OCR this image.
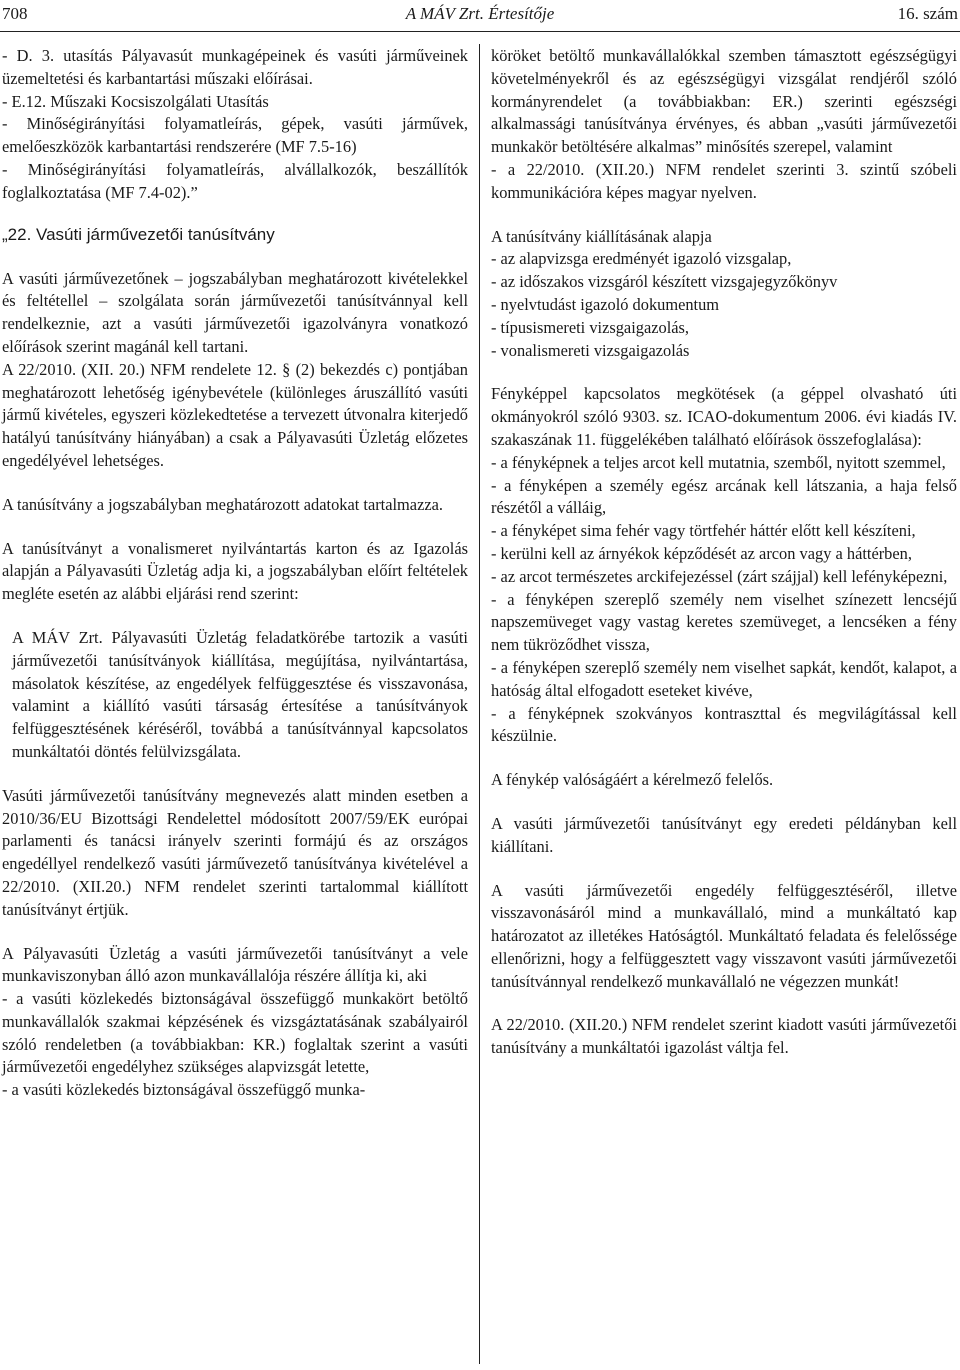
708	A MÁV Zrt. Értesítője	16. szám

- D. 3. utasítás Pályavasút munkagépeinek és vasúti járműveinek üzemeltetési és karbantartási műszaki előírásai.

- E.12. Műszaki Kocsiszolgálati Utasítás

- Minőségirányítási folyamatleírás, gépek, vasúti járművek, emelőeszközök karbantartási rendszerére (MF 7.5-16)

- Minőségirányítási folyamatleírás, alvállalkozók, beszállítók foglalkoztatása (MF 7.4-02).”

„22. Vasúti járművezetői tanúsítvány

A vasúti járművezetőnek – jogszabályban meghatározott kivételekkel és feltétellel – szolgálata során járművezetői tanúsítvánnyal kell rendelkeznie, azt a vasúti járművezetői igazolványra vonatkozó előírások szerint magánál kell tartani.

A 22/2010. (XII. 20.) NFM rendelete 12. § (2) bekezdés c) pontjában meghatározott lehetőség igénybevétele (különleges áruszállító vasúti jármű kivételes, egyszeri közlekedtetése a tervezett útvonalra kiterjedő hatályú tanúsítvány hiányában) a csak a Pályavasúti Üzletág előzetes engedélyével lehetséges.

A tanúsítvány a jogszabályban meghatározott adatokat tartalmazza.

A tanúsítványt a vonalismeret nyilvántartás karton és az Igazolás alapján a Pályavasúti Üzletág adja ki, a jogszabályban előírt feltételek megléte esetén az alábbi eljárási rend szerint:

A MÁV Zrt. Pályavasúti Üzletág feladatkörébe tartozik a vasúti járművezetői tanúsítványok kiállítása, megújítása, nyilvántartása, másolatok készítése, az engedélyek felfüggesztése és visszavonása, valamint a kiállító vasúti társaság értesítése a tanúsítványok felfüggesztésének kéréséről, továbbá a tanúsítvánnyal kapcsolatos munkáltatói döntés felülvizsgálata.

Vasúti járművezetői tanúsítvány megnevezés alatt minden esetben a 2010/36/EU Bizottsági Rendelettel módosított 2007/59/EK európai parlamenti és tanácsi irányelv szerinti formájú és az országos engedéllyel rendelkező vasúti járművezető tanúsítványa kivételével a 22/2010. (XII.20.) NFM rendelet szerinti tartalommal kiállított tanúsítványt értjük.

A Pályavasúti Üzletág a vasúti járművezetői tanúsítványt a vele munkaviszonyban álló azon munkavállаlója részére állítja ki, aki

- a vasúti közlekedés biztonságával összefüggő munkakört betöltő munkavállalók szakmai képzésének és vizsgáztatásának szabályairól szóló rendeletben (a továbbiakban: KR.) foglaltak szerint a vasúti járművezetői engedélyhez szükséges alapvizsgát letette,

- a vasúti közlekedés biztonságával összefüggő munka-

köröket betöltő munkavállalókkal szemben támasztott egészségügyi követelményekről és az egészségügyi vizsgálat rendjéről szóló kormányrendelet (a továbbiakban: ER.) szerinti egészségi alkalmassági tanúsítványa érvényes, és abban „vasúti járművezetői munkakör betöltésére alkalmas” minősítés szerepel, valamint

- a 22/2010. (XII.20.) NFM rendelet szerinti 3. szintű szóbeli kommunikációra képes magyar nyelven.

A tanúsítvány kiállításának alapja

- az alapvizsga eredményét igazoló vizsgalap,

- az időszakos vizsgáról készített vizsgajegyzőkönyv

- nyelvtudást igazoló dokumentum

- típusismereti vizsgaigazolás,

- vonalismereti vizsgaigazolás

Fényképpel kapcsolatos megkötések (a géppel olvasható úti okmányokról szóló 9303. sz. ICAO-dokumentum 2006. évi kiadás IV. szakaszának 11. függelékében található előírások összefoglalása):

- a fényképnek a teljes arcot kell mutatnia, szemből, nyitott szemmel,

- a fényképen a személy egész arcának kell látszania, a haja felső részétől a válláig,

- a fényképet sima fehér vagy törtfehér háttér előtt kell készíteni,

- kerülni kell az árnyékok képződését az arcon vagy a háttérben,

- az arcot természetes arckifejezéssel (zárt szájjal) kell lefényképezni,

- a fényképen szereplő személy nem viselhet színezett lencséjű napszemüveget vagy vastag keretes szemüveget, a lencséken a fény nem tükröződhet vissza,

- a fényképen szereplő személy nem viselhet sapkát, kendőt, kalapot, a hatóság által elfogadott eseteket kivéve,

- a fényképnek szokványos kontraszttal és megvilágítással kell készülnie.

A fénykép valóságáért a kérelmező felelős.

A vasúti járművezetői tanúsítványt egy eredeti példányban kell kiállítani.

A vasúti járművezetői engedély felfüggesztéséről, illetve visszavonásáról mind a munkavállaló, mind a munkáltató kap határozatot az illetékes Hatóságtól. Munkáltató feladata és felelőssége ellenőrizni, hogy a felfüggesztett vagy visszavont vasúti járművezetői tanúsítvánnyal rendelkező munkavállaló ne végezzen munkát!

A 22/2010. (XII.20.) NFM rendelet szerint kiadott vasúti járművezetői tanúsítvány a munkáltatói igazolást váltja fel.
